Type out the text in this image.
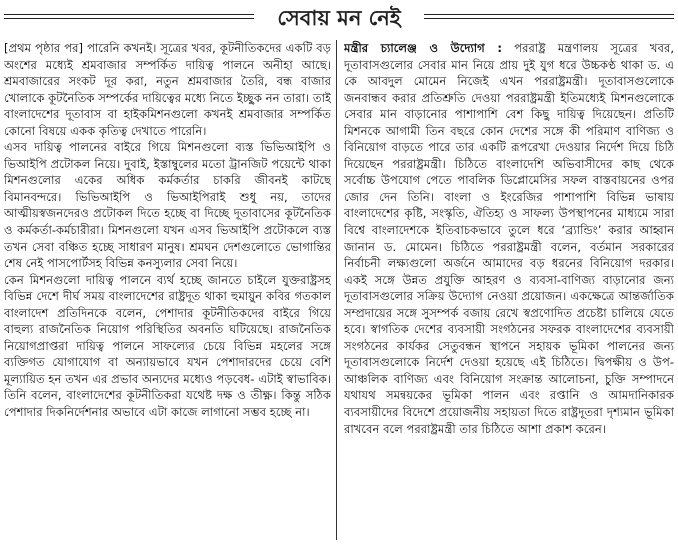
সেবায় মন নেই

[প্রথম পৃষ্ঠার পর] পারেনি কখনই। সূত্রের খবর, কূটনীতিকদের একটি বড় অংশের মধ্যেই শ্রমবাজার সম্পর্কিত দায়িত্ব পালনে অনীহা আছে। শ্রমবাজারের সংকট দূর করা, নতুন শ্রমবাজার তৈরি, বন্ধ বাজার খোলাকে কূটনৈতিক সম্পর্কের দায়িত্বের মধ্যে নিতে ইচ্ছুক নন তারা। তাই বাংলাদেশের দূতাবাস বা হাইকমিশনগুলো কখনই শ্রমবাজার সম্পর্কিত কোনো বিষয়ে একক কৃতিত্ব দেখাতে পারেনি।

এসব দায়িত্ব পালনের বাইরে গিয়ে মিশনগুলো ব্যস্ত ভিভিআইপি ও ভিআইপি প্রটোকল নিয়ে। দুবাই, ইস্তাম্বুলের মতো ট্রানজিট পয়েন্টে থাকা মিশনগুলোর একের অধিক কর্মকর্তার চাকরি জীবনই কাটছে বিমানবন্দরে। ভিভিআইপি ও ভিআইপিরাই শুধু নয়, তাদের আত্মীয়স্বজনদেরও প্রটোকল দিতে হচ্ছে বা দিচ্ছে দূতাবাসের কূটনৈতিক ও কর্মকর্তা-কর্মচারীরা। মিশনগুলো যখন এসব ভিআইপি প্রটোকলে ব্যস্ত তখন সেবা বঞ্চিত হচ্ছে সাধারণ মানুষ। শ্রমঘন দেশগুলোতে ভোগান্তির শেষ নেই পাসপোর্টসহ বিভিন্ন কনস্যুলার সেবা নিয়ে।

কেন মিশনগুলো দায়িত্ব পালনে ব্যর্থ হচ্ছে জানতে চাইলে যুক্তরাষ্ট্রসহ বিভিন্ন দেশে দীর্ঘ সময় বাংলাদেশের রাষ্ট্রদূত থাকা হুমায়ুন কবির গতকাল বাংলাদেশ প্রতিদিনকে বলেন, পেশাদার কূটনীতিকদের বাইরে গিয়ে বাহুল্য রাজনৈতিক নিয়োগ পরিস্থিতির অবনতি ঘটিয়েছে। রাজনৈতিক নিয়োগপ্রাপ্তরা দায়িত্ব পালনে সাফল্যের চেয়ে বিভিন্ন মহলের সঙ্গে ব্যক্তিগত যোগাযোগ বা অন্যায়ভাবে যখন পেশাদারদের চেয়ে বেশি মূল্যায়িত হন তখন এর প্রভাব অন্যদের মধ্যেও পড়বেধ- এটাই স্বাভাবিক। তিনি বলেন, বাংলাদেশের কূটনীতিকরা যথেষ্ট দক্ষ ও তীক্ষ্ণ। কিন্তু সঠিক পেশাদার দিকনির্দেশনার অভাবে এটা কাজে লাগানো সম্ভব হচ্ছে না।

মন্ত্রীর চ্যালেঞ্জ ও উদ্যোগ : পররাষ্ট্র মন্ত্রণালয় সূত্রের খবর, দূতাবাসগুলোর সেবার মান নিয়ে প্রায় দুই যুগ ধরে উচ্চকণ্ঠ থাকা ড. এ কে আবদুল মোমেন নিজেই এখন পররাষ্ট্রমন্ত্রী। দূতাবাসগুলোকে জনবান্ধব করার প্রতিশ্রুতি দেওয়া পররাষ্ট্রমন্ত্রী ইতিমধ্যেই মিশনগুলোকে সেবার মান বাড়ানোর পাশাপাশি বেশ কিছু দায়িত্ব দিয়েছেন। প্রতিটি মিশনকে আগামী তিন বছরে কোন দেশের সঙ্গে কী পরিমাণ বাণিজ্য ও বিনিয়োগ বাড়তে পারে তার একটি রূপরেখা দেওয়ার নির্দেশ দিয়ে চিঠি দিয়েছেন পররাষ্ট্রমন্ত্রী। চিঠিতে বাংলাদেশি অভিবাসীদের কাছ থেকে সর্বোচ্চ উপযোগ পেতে পাবলিক ডিপ্লোমেসির সফল বাস্তবায়নের ওপর জোর দেন তিনি। বাংলা ও ইংরেজির পাশাপাশি বিভিন্ন ভাষায় বাংলাদেশের কৃষ্টি, সংস্কৃতি, ঐতিহ্য ও সাফল্য উপস্থাপনের মাধ্যমে সারা বিশ্বে বাংলাদেশকে ইতিবাচকভাবে তুলে ধরে ‘ব্র্যান্ডিং’ করার আহ্বান জানান ড. মোমেন। চিঠিতে পররাষ্ট্রমন্ত্রী বলেন, বর্তমান সরকারের নির্বাচনী লক্ষ্যগুলো অর্জনে আমাদের বড় ধরনের বিনিয়োগ দরকার। একই সঙ্গে উন্নত প্রযুক্তি আহরণ ও ব্যবসা-বাণিজ্য বাড়ানোর জন্য দূতাবাসগুলোর সক্রিয় উদ্যোগ নেওয়া প্রয়োজন। একক্ষেত্রে আন্তর্জাতিক সম্প্রদায়ের সঙ্গে সুসম্পর্ক বজায় রেখে স্বপ্রণোদিত প্রচেষ্টা চালিয়ে যেতে হবে। স্বাগতিক দেশের ব্যবসায়ী সংগঠনের সফরক বাংলাদেশের ব্যবসায়ী সংগঠনের কার্যকর সেতুবন্ধন স্থাপনে সহায়ক ভূমিকা পালনের জন্য দূতাবাসগুলোকে নির্দেশ দেওয়া হয়েছে এই চিঠিতে। দ্বিপক্ষীয় ও উপ-আঞ্চলিক বাণিজ্য এবং বিনিয়োগ সংক্রান্ত আলোচনা, চুক্তি সম্পাদনে যথাযথ সমন্বয়কের ভূমিকা পালন এবং রপ্তানি ও আমদানিকারক ব্যবসায়ীদের বিদেশে প্রয়োজনীয় সহায়তা দিতে রাষ্ট্রদূতরা দৃশ্যমান ভূমিকা রাখবেন বলে পররাষ্ট্রমন্ত্রী তার চিঠিতে আশা প্রকাশ করেন।
